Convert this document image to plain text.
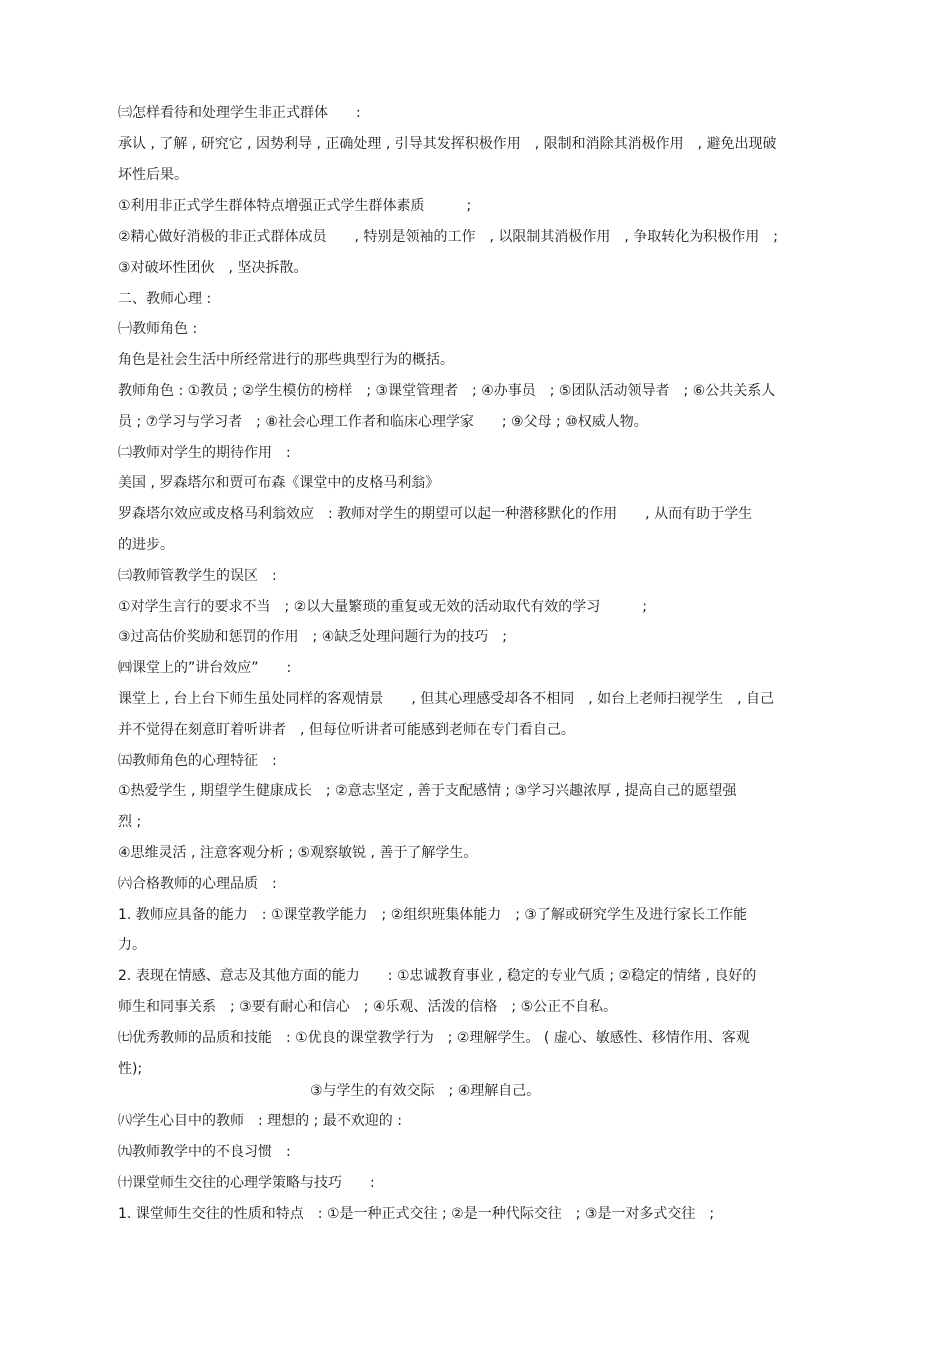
㈢怎样看待和处理学生非正式群体　　:
承认 , 了解 , 研究它 , 因势利导 , 正确处理 , 引导其发挥积极作用　, 限制和消除其消极作用　, 避免出现破
坏性后果。
①利用非正式学生群体特点增强正式学生群体素质　　　;
②精心做好消极的非正式群体成员　　, 特别是领袖的工作　, 以限制其消极作用　, 争取转化为积极作用　;
③对破坏性团伙　, 坚决拆散。
二、教师心理 :
㈠教师角色 :
角色是社会生活中所经常进行的那些典型行为的概括。
教师角色 : ①教员 ; ②学生模仿的榜样　; ③课堂管理者　; ④办事员　; ⑤团队活动领导者　; ⑥公共关系人
员 ; ⑦学习与学习者　; ⑧社会心理工作者和临床心理学家　　; ⑨父母 ; ⑩权威人物。
㈡教师对学生的期待作用　:
美国 , 罗森塔尔和贾可布森《课堂中的皮格马利翁》
罗森塔尔效应或皮格马利翁效应　: 教师对学生的期望可以起一种潜移默化的作用　　, 从而有助于学生
的进步。
㈢教师管教学生的误区　:
①对学生言行的要求不当　; ②以大量繁琐的重复或无效的活动取代有效的学习　　　;
③过高估价奖励和惩罚的作用　; ④缺乏处理问题行为的技巧　;
㈣课堂上的”讲台效应”　　:
课堂上 , 台上台下师生虽处同样的客观情景　　, 但其心理感受却各不相同　, 如台上老师扫视学生　, 自己
并不觉得在刻意盯着听讲者　, 但每位听讲者可能感到老师在专门看自己。
㈤教师角色的心理特征　:
①热爱学生 , 期望学生健康成长　; ②意志坚定 , 善于支配感情 ; ③学习兴趣浓厚 , 提高自己的愿望强
烈 ;
④思维灵活 , 注意客观分析 ; ⑤观察敏锐 , 善于了解学生。
㈥合格教师的心理品质　:
1. 教师应具备的能力　: ①课堂教学能力　; ②组织班集体能力　; ③了解或研究学生及进行家长工作能
力。
2. 表现在情感、意志及其他方面的能力　　: ①忠诚教育事业 , 稳定的专业气质 ; ②稳定的情绪 , 良好的
师生和同事关系　; ③要有耐心和信心　; ④乐观、活泼的信格　; ⑤公正不自私。
㈦优秀教师的品质和技能　: ①优良的课堂教学行为　; ②理解学生。 ( 虚心、敏感性、移情作用、客观
性);
③与学生的有效交际　; ④理解自己。
㈧学生心目中的教师　: 理想的 ; 最不欢迎的 :
㈨教师教学中的不良习惯　:
㈩课堂师生交往的心理学策略与技巧　　:
1. 课堂师生交往的性质和特点　: ①是一种正式交往 ; ②是一种代际交往　; ③是一对多式交往　;
